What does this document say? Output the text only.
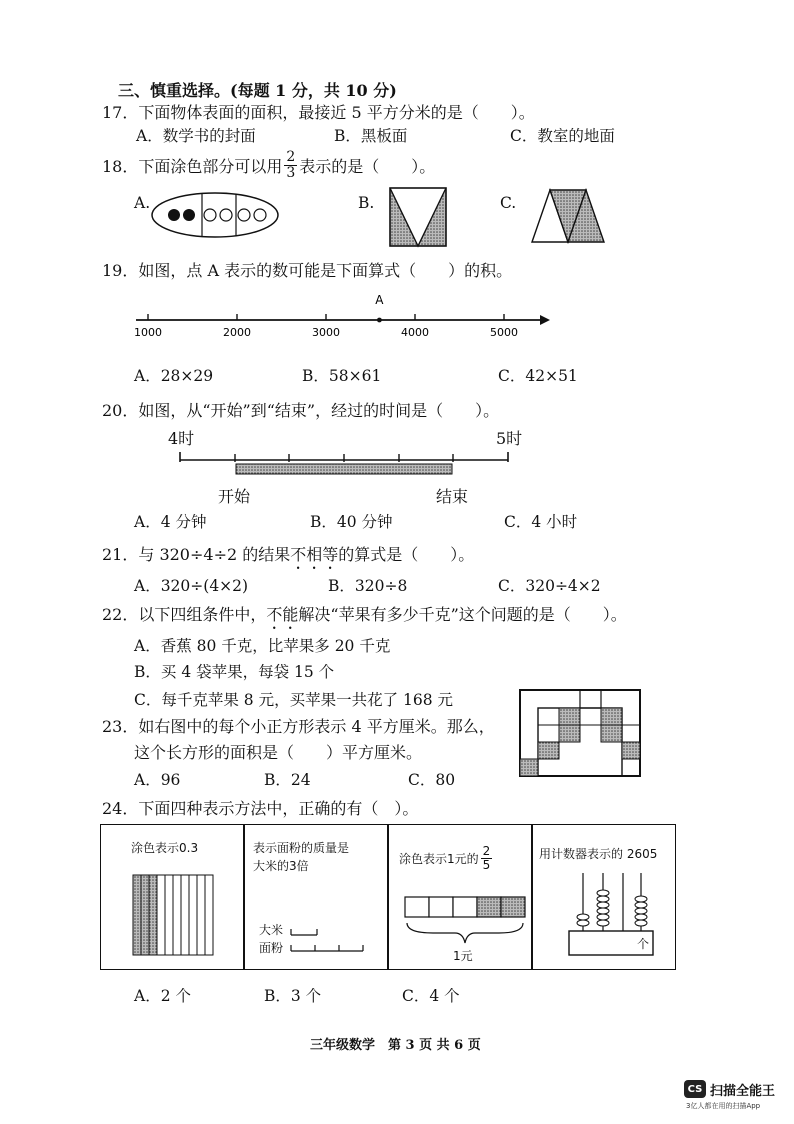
三、慎重选择。(每题 1 分，共 10 分)
17．下面物体表面的面积，最接近 5 平方分米的是（　　）。
A．数学书的封面	B．黑板面	C．教室的地面
18．下面涂色部分可以用 $\frac{2}{3}$ 表示的是（　　）。
A.	B.	C.
19．如图，点 A 表示的数可能是下面算式（　　）的积。
1000	2000	3000	4000	5000
A
A．28×29	B．58×61	C．42×51
20．如图，从“开始”到“结束”，经过的时间是（　　）。
4时	5时
开始	结束
A．4 分钟	B．40 分钟	C．4 小时
21．与 320÷4÷2 的结果不相等的算式是（　　）。
A．320÷(4×2)	B．320÷8	C．320÷4×2
22．以下四组条件中，不能解决“苹果有多少千克”这个问题的是（　　）。
A．香蕉 80 千克，比苹果多 20 千克
B．买 4 袋苹果，每袋 15 个
C．每千克苹果 8 元，买苹果一共花了 168 元
23．如右图中的每个小正方形表示 4 平方厘米。那么，
这个长方形的面积是（　　）平方厘米。
A．96	B．24	C．80
24．下面四种表示方法中，正确的有（　）。
涂色表示0.3	表示面粉的质量是
大米的3倍
大米
面粉
涂色表示1元的 $\frac{2}{5}$
1元
用计数器表示的 2605
个
A．2 个	B．3 个	C．4 个
三年级数学　第 3 页 共 6 页
CS 扫描全能王
3亿人都在用的扫描App
